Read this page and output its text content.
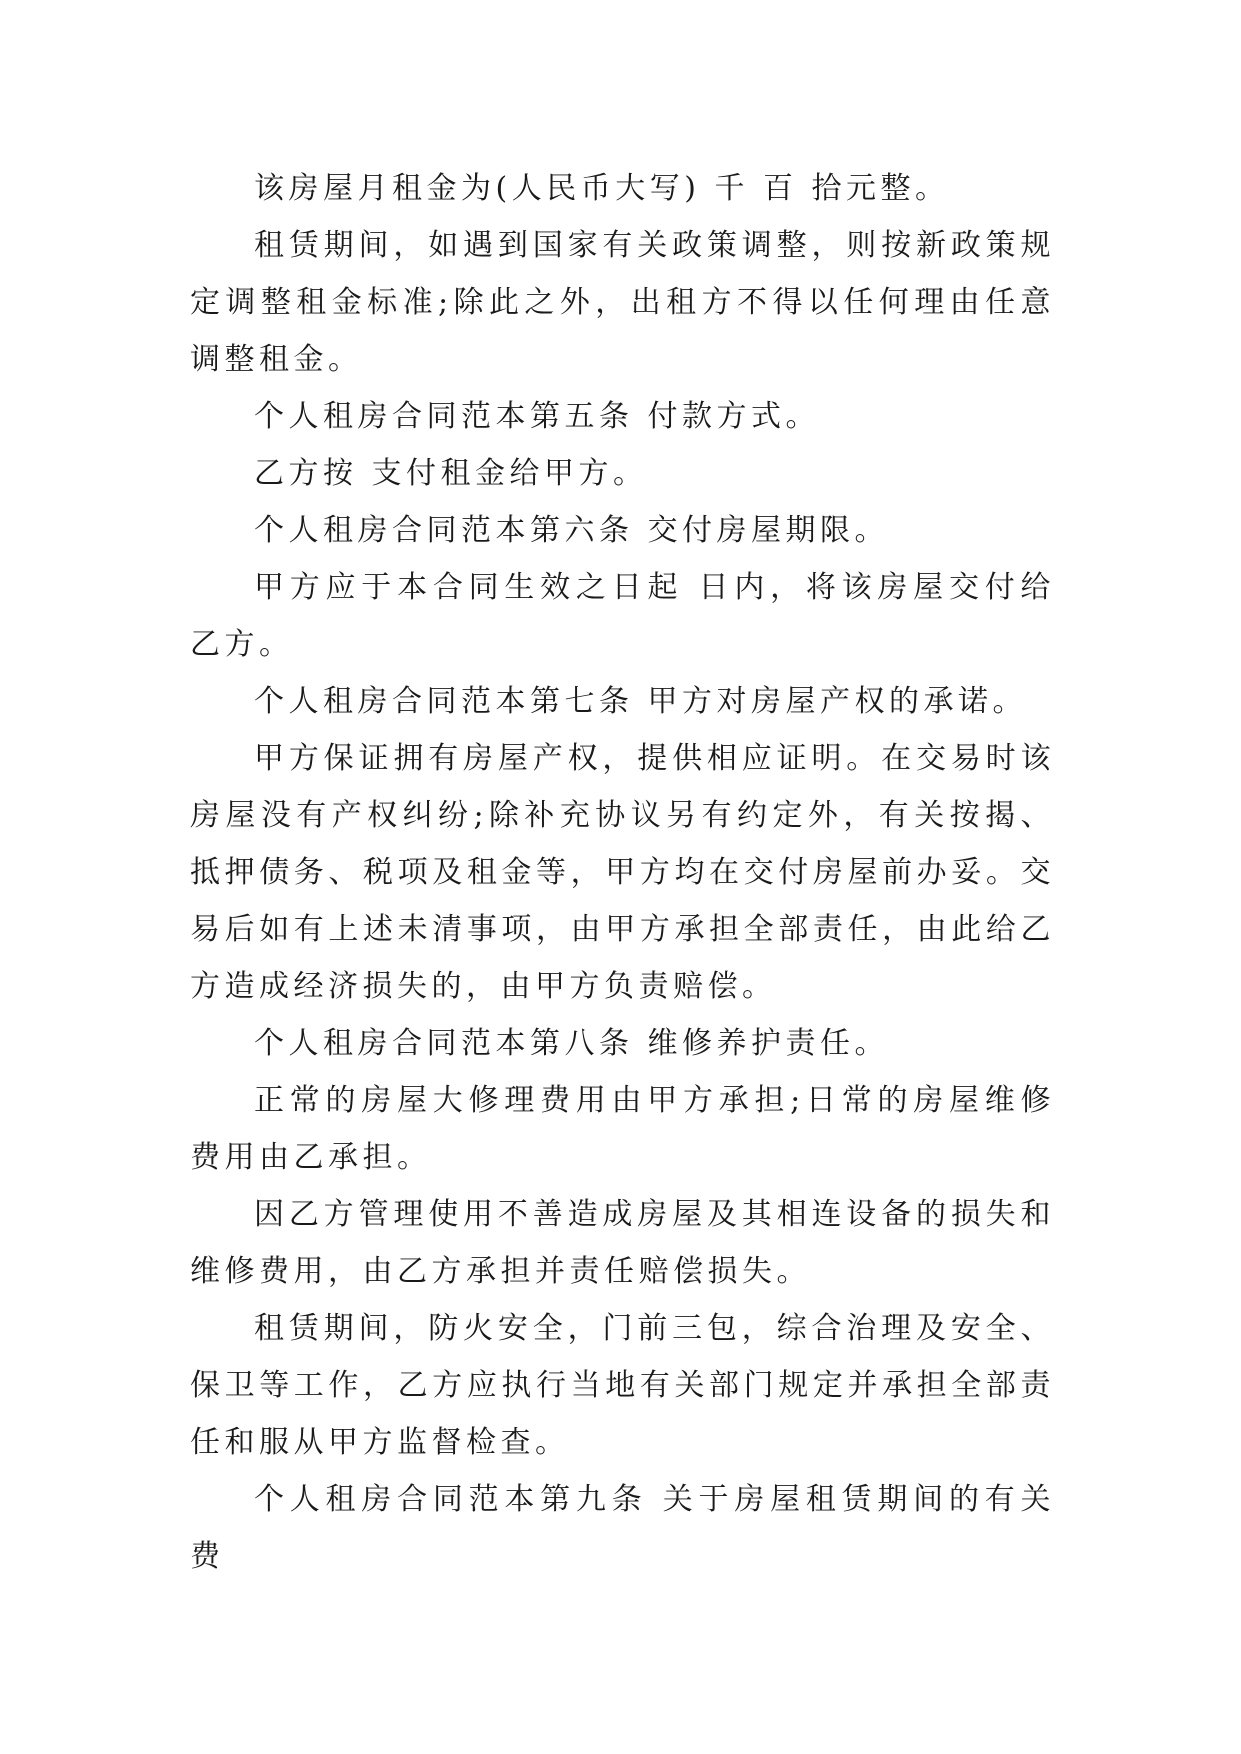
该房屋月租金为(人民币大写) 千 百 拾元整。

租赁期间，如遇到国家有关政策调整，则按新政策规定调整租金标准;除此之外，出租方不得以任何理由任意调整租金。

个人租房合同范本第五条 付款方式。

乙方按 支付租金给甲方。

个人租房合同范本第六条 交付房屋期限。

甲方应于本合同生效之日起 日内，将该房屋交付给乙方。

个人租房合同范本第七条 甲方对房屋产权的承诺。

甲方保证拥有房屋产权，提供相应证明。在交易时该房屋没有产权纠纷;除补充协议另有约定外，有关按揭、抵押债务、税项及租金等，甲方均在交付房屋前办妥。交易后如有上述未清事项，由甲方承担全部责任，由此给乙方造成经济损失的，由甲方负责赔偿。

个人租房合同范本第八条 维修养护责任。

正常的房屋大修理费用由甲方承担;日常的房屋维修费用由乙承担。

因乙方管理使用不善造成房屋及其相连设备的损失和维修费用，由乙方承担并责任赔偿损失。

租赁期间，防火安全，门前三包，综合治理及安全、保卫等工作，乙方应执行当地有关部门规定并承担全部责任和服从甲方监督检查。

个人租房合同范本第九条 关于房屋租赁期间的有关费
